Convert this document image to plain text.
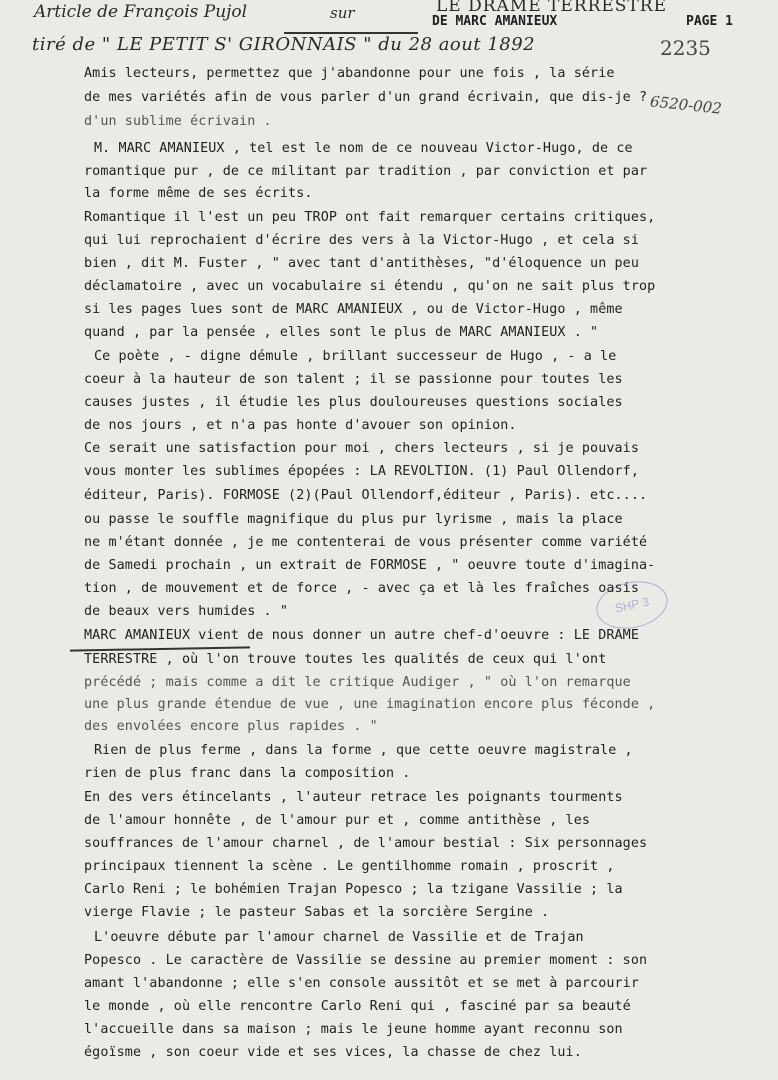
Article de François Pujol	sur	LE DRAME TERRESTRE
tiré de " LE PETIT S' GIRONNAIS " du 28 aout 1892	2235
6520-002
DE MARC AMANIEUX	PAGE 1
SHP 3
Amis lecteurs, permettez que j'abandonne pour une fois , la série
de mes variétés afin de vous parler d'un grand écrivain, que dis-je ?
d'un sublime écrivain .
M. MARC AMANIEUX , tel est le nom de ce nouveau Victor-Hugo, de ce
romantique pur , de ce militant par tradition , par conviction et par
la forme même de ses écrits.
Romantique il l'est un peu TROP ont fait remarquer certains critiques,
qui lui reprochaient d'écrire des vers à la Victor-Hugo , et cela si
bien , dit M. Fuster , " avec tant d'antithèses, "d'éloquence un peu
déclamatoire , avec un vocabulaire si étendu , qu'on ne sait plus trop
si les pages lues sont de MARC AMANIEUX , ou de Victor-Hugo , même
quand , par la pensée , elles sont le plus de MARC AMANIEUX . "
Ce poète , - digne démule , brillant successeur de Hugo , - a le
coeur à la hauteur de son talent ; il se passionne pour toutes les
causes justes , il étudie les plus douloureuses questions sociales
de nos jours , et n'a pas honte d'avouer son opinion.
Ce serait une satisfaction pour moi , chers lecteurs , si je pouvais
vous monter les sublimes épopées : LA REVOLTION. (1) Paul Ollendorf,
éditeur, Paris). FORMOSE (2)(Paul Ollendorf,éditeur , Paris). etc....
ou passe le souffle magnifique du plus pur lyrisme , mais la place
ne m'étant donnée , je me contenterai de vous présenter comme variété
de Samedi prochain , un extrait de FORMOSE , " oeuvre toute d'imagina-
tion , de mouvement et de force , - avec ça et là les fraîches oasis
de beaux vers humides . "
MARC AMANIEUX vient de nous donner un autre chef-d'oeuvre : LE DRAME
TERRESTRE , où l'on trouve toutes les qualités de ceux qui l'ont
précédé ; mais comme a dit le critique Audiger , " où l'on remarque
une plus grande étendue de vue , une imagination encore plus féconde ,
des envolées encore plus rapides . "
Rien de plus ferme , dans la forme , que cette oeuvre magistrale ,
rien de plus franc dans la composition .
En des vers étincelants , l'auteur retrace les poignants tourments
de l'amour honnête , de l'amour pur et , comme antithèse , les
souffrances de l'amour charnel , de l'amour bestial : Six personnages
principaux tiennent la scène . Le gentilhomme romain , proscrit ,
Carlo Reni ; le bohémien Trajan Popesco ; la tzigane Vassilie ; la
vierge Flavie ; le pasteur Sabas et la sorcière Sergine .
L'oeuvre débute par l'amour charnel de Vassilie et de Trajan
Popesco . Le caractère de Vassilie se dessine au premier moment : son
amant l'abandonne ; elle s'en console aussitôt et se met à parcourir
le monde , où elle rencontre Carlo Reni qui , fasciné par sa beauté
l'accueille dans sa maison ; mais le jeune homme ayant reconnu son
égoïsme , son coeur vide et ses vices, la chasse de chez lui.
